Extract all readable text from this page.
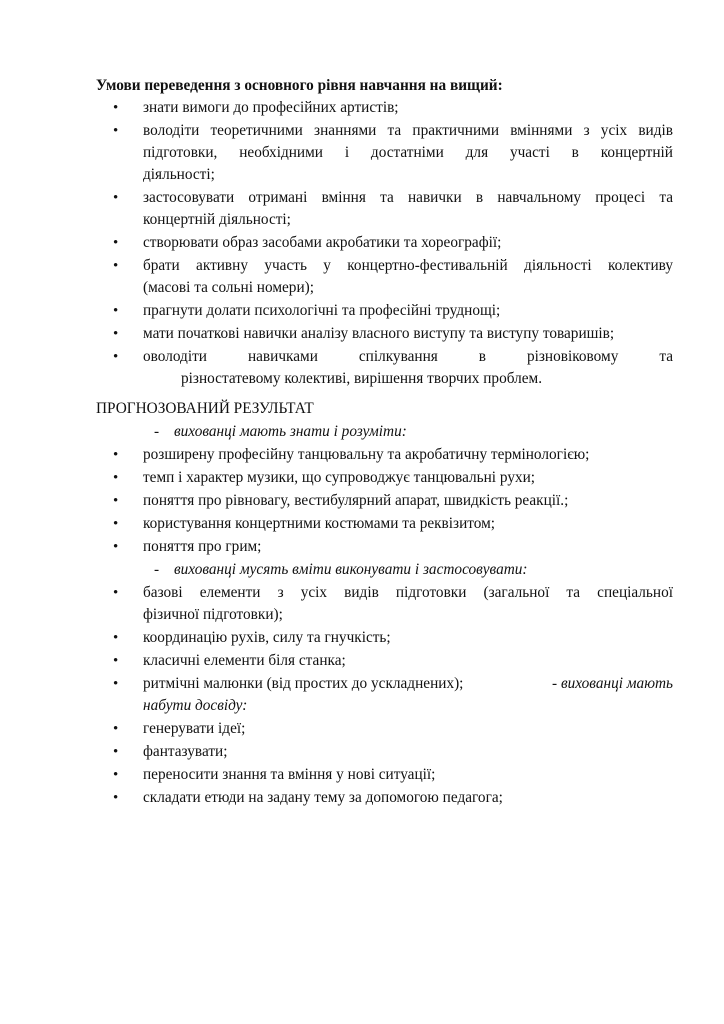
Умови переведення з основного рівня навчання на вищий:
•	знати вимоги до професійних артистів;
•	володіти теоретичними знаннями та практичними вміннями з усіх видів
підготовки, необхідними і достатніми для участі в концертній
діяльності;
•	застосовувати отримані вміння та навички в навчальному процесі та
концертній діяльності;
•	створювати образ засобами акробатики та хореографії;
•	брати активну участь у концертно-фестивальній діяльності колективу
(масові та сольні номери);
•	прагнути долати психологічні та професійні труднощі;
•	мати початкові навички аналізу власного виступу та виступу товаришів;
•	оволодіти навичками спілкування в різновіковому та
різностатевому колективі, вирішення творчих проблем.
ПРОГНОЗОВАНИЙ РЕЗУЛЬТАТ
- вихованці мають знати і розуміти:
•	розширену професійну танцювальну та акробатичну термінологією;
•	темп і характер музики, що супроводжує танцювальні рухи;
•	поняття про рівновагу, вестибулярний апарат, швидкість реакції.;
•	користування концертними костюмами та реквізитом;
•	поняття про грим;
- вихованці мусять вміти виконувати і застосовувати:
•	базові елементи з усіх видів підготовки (загальної та спеціальної
фізичної підготовки);
•	координацію рухів, силу та гнучкість;
•	класичні елементи біля станка;
•	ритмічні малюнки (від простих до ускладнених);	- вихованці мають
набути досвіду:
•	генерувати ідеї;
•	фантазувати;
•	переносити знання та вміння у нові ситуації;
•	складати етюди на задану тему за допомогою педагога;
